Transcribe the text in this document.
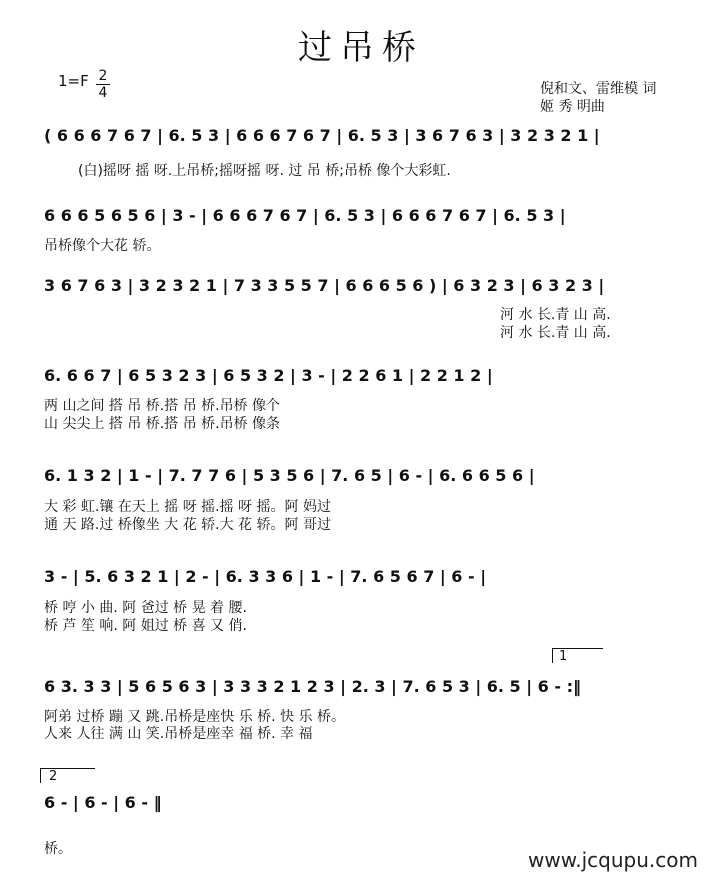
过吊桥
1=F 2
4	倪和文、雷维模 词
姬 秀 明曲
( 6 6 6 7 6 7 | 6. 5 3 | 6 6 6 7 6 7 | 6. 5 3 | 3 6 7 6 3 | 3 2 3 2 1 |
(白)摇呀 摇 呀.上吊桥;摇呀摇 呀. 过 吊 桥;吊桥 像个大彩虹.
6 6 6 5 6 5 6 | 3 - | 6 6 6 7 6 7 | 6. 5 3 | 6 6 6 7 6 7 | 6. 5 3 |
吊桥像个大花 轿。
3 6 7 6 3 | 3 2 3 2 1 | 7 3 3 5 5 7 | 6 6 6 5 6 ) | 6 3 2 3 | 6 3 2 3 |
河 水 长.青 山 高.
河 水 长.青 山 高.
6. 6 6 7 | 6 5 3 2 3 | 6 5 3 2 | 3 - | 2 2 6 1 | 2 2 1 2 |
两 山之间 搭 吊 桥.搭 吊 桥.吊桥 像个
山 尖尖上 搭 吊 桥.搭 吊 桥.吊桥 像条
6. 1 3 2 | 1 - | 7. 7 7 6 | 5 3 5 6 | 7. 6 5 | 6 - | 6. 6 6 5 6 |
大 彩 虹.镶 在天上 摇 呀 摇.摇 呀 摇。阿 妈过
通 天 路.过 桥像坐 大 花 轿.大 花 轿。阿 哥过
3 - | 5. 6 3 2 1 | 2 - | 6. 3 3 6 | 1 - | 7. 6 5 6 7 | 6 - |
桥 哼 小 曲. 阿 爸过 桥 晃 着 腰.
桥 芦 笙 响. 阿 姐过 桥 喜 又 俏.
1
6 3. 3 3 | 5 6 5 6 3 | 3 3 3 2 1 2 3 | 2. 3 | 7. 6 5 3 | 6. 5 | 6 - :‖
阿弟 过桥 蹦 又 跳.吊桥是座快 乐 桥. 快 乐 桥。
人来 人往 满 山 笑.吊桥是座幸 福 桥. 幸 福
2
6 - | 6 - | 6 - ‖
桥。	www.jcqupu.com
